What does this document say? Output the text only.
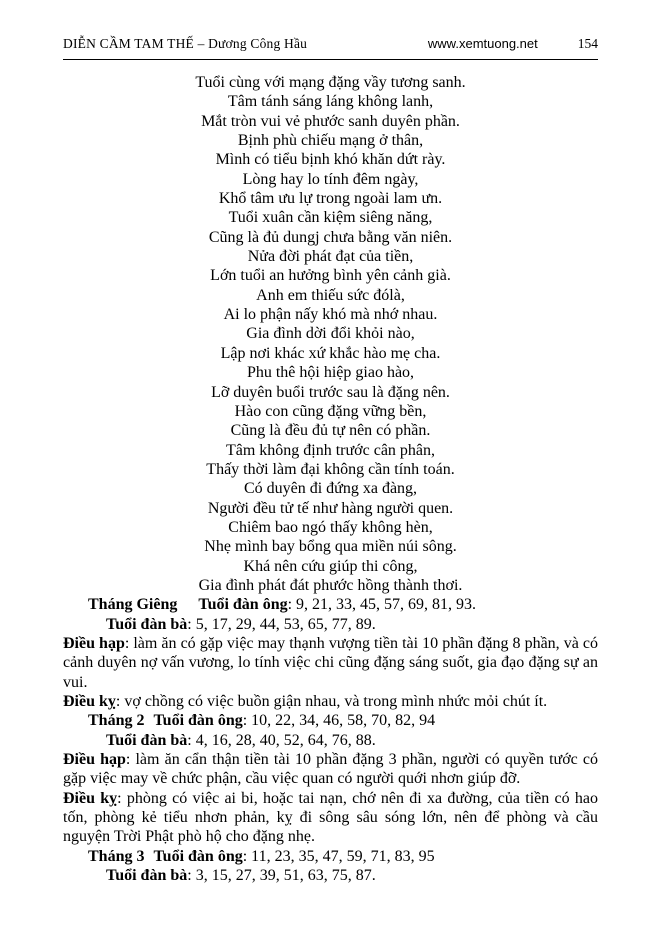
DIỄN CẦM TAM THẾ – Dương Công Hầu	www.xemtuong.net	154
Tuổi cùng với mạng đặng vầy tương sanh.
Tâm tánh sáng láng không lanh,
Mắt tròn vui vẻ phước sanh duyên phần.
Bịnh phù chiếu mạng ở thân,
Mình có tiểu bịnh khó khăn dứt rày.
Lòng hay lo tính đêm ngày,
Khổ tâm ưu lự trong ngoài lam ưn.
Tuổi xuân cần kiệm siêng năng,
Cũng là đủ dungj chưa bằng văn niên.
Nửa đời phát đạt của tiền,
Lớn tuổi an hưởng bình yên cảnh già.
Anh em thiếu sức đólà,
Ai lo phận nấy khó mà nhớ nhau.
Gia đình dời đổi khỏi nào,
Lập nơi khác xứ khắc hào mẹ cha.
Phu thê hội hiệp giao hào,
Lỡ duyên buổi trước sau là đặng nên.
Hào con cũng đặng vững bền,
Cũng là đều đủ tự nên có phần.
Tâm không định trước cân phân,
Thấy thời làm đại không cần tính toán.
Có duyên đi đứng xa đàng,
Người đều tử tế như hàng người quen.
Chiêm bao ngó thấy không hèn,
Nhẹ mình bay bổng qua miền núi sông.
Khá nên cứu giúp thi công,
Gia đình phát đát phước hồng thành thơi.

Tháng Giêng Tuổi đàn ông: 9, 21, 33, 45, 57, 69, 81, 93.

Tuổi đàn bà: 5, 17, 29, 44, 53, 65, 77, 89.

Điều hạp: làm ăn có gặp việc may thạnh vượng tiền tài 10 phần đặng 8 phần, và có cảnh duyên nợ vấn vương, lo tính việc chi cũng đặng sáng suốt, gia đạo đặng sự an vui.

Điều kỵ: vợ chồng có việc buồn giận nhau, và trong mình nhức mỏi chút ít.

Tháng 2 Tuổi đàn ông: 10, 22, 34, 46, 58, 70, 82, 94

Tuổi đàn bà: 4, 16, 28, 40, 52, 64, 76, 88.

Điều hạp: làm ăn cẩn thận tiền tài 10 phần đặng 3 phần, người có quyền tước có gặp việc may về chức phận, cầu việc quan có người quới nhơn giúp đỡ.

Điều kỵ: phòng có việc ai bi, hoặc tai nạn, chớ nên đi xa đường, của tiền có hao tốn, phòng kẻ tiểu nhơn phản, kỵ đi sông sâu sóng lớn, nên để phòng và cầu nguyện Trời Phật phò hộ cho đặng nhẹ.

Tháng 3 Tuổi đàn ông: 11, 23, 35, 47, 59, 71, 83, 95

Tuổi đàn bà: 3, 15, 27, 39, 51, 63, 75, 87.
